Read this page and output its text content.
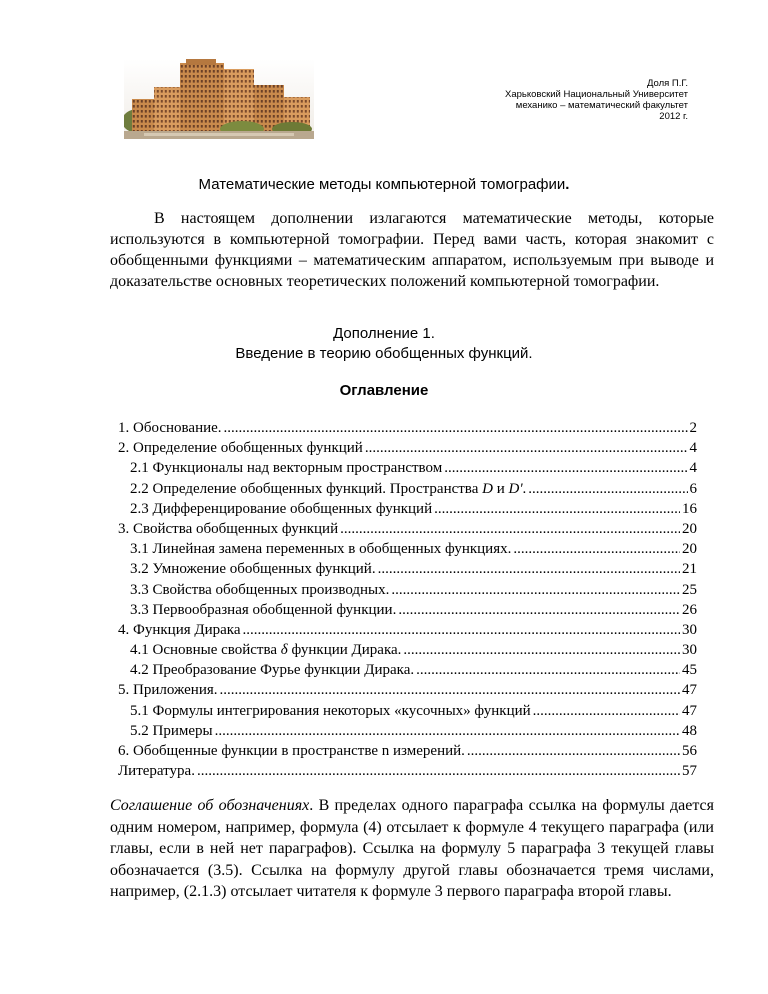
Доля П.Г.
Харьковский Национальный Университет
механико – математический факультет
2012 г.
Математические методы компьютерной томографии.
В настоящем дополнении излагаются математические методы, которые используются в компьютерной томографии. Перед вами часть, которая знакомит с обобщенными функциями – математическим аппаратом, используемым при выводе и доказательстве основных теоретических положений компьютерной томографии.
Дополнение 1.
Введение в теорию обобщенных функций.
Оглавление
1. Обоснование. .....	2
2. Определение обобщенных функций .....	4
2.1 Функционалы над векторным пространством .....	4
2.2 Определение обобщенных функций. Пространства D и D'. .....	6
2.3 Дифференцирование обобщенных функций .....	16
3. Свойства обобщенных функций .....	20
3.1 Линейная замена переменных в обобщенных функциях. .....	20
3.2 Умножение обобщенных функций. .....	21
3.3 Свойства обобщенных производных. .....	25
3.3 Первообразная обобщенной функции. .....	26
4. Функция Дирака .....	30
4.1 Основные свойства δ функции Дирака. .....	30
4.2 Преобразование Фурье функции Дирака. .....	45
5. Приложения. .....	47
5.1 Формулы интегрирования некоторых «кусочных» функций .....	47
5.2 Примеры .....	48
6. Обобщенные функции в пространстве n измерений. .....	56
Литература. .....	57
Соглашение об обозначениях. В пределах одного параграфа ссылка на формулы дается одним номером, например, формула (4) отсылает к формуле 4 текущего параграфа (или главы, если в ней нет параграфов). Ссылка на формулу 5 параграфа 3 текущей главы обозначается (3.5). Ссылка на формулу другой главы обозначается тремя числами, например, (2.1.3) отсылает читателя к формуле 3 первого параграфа второй главы.
